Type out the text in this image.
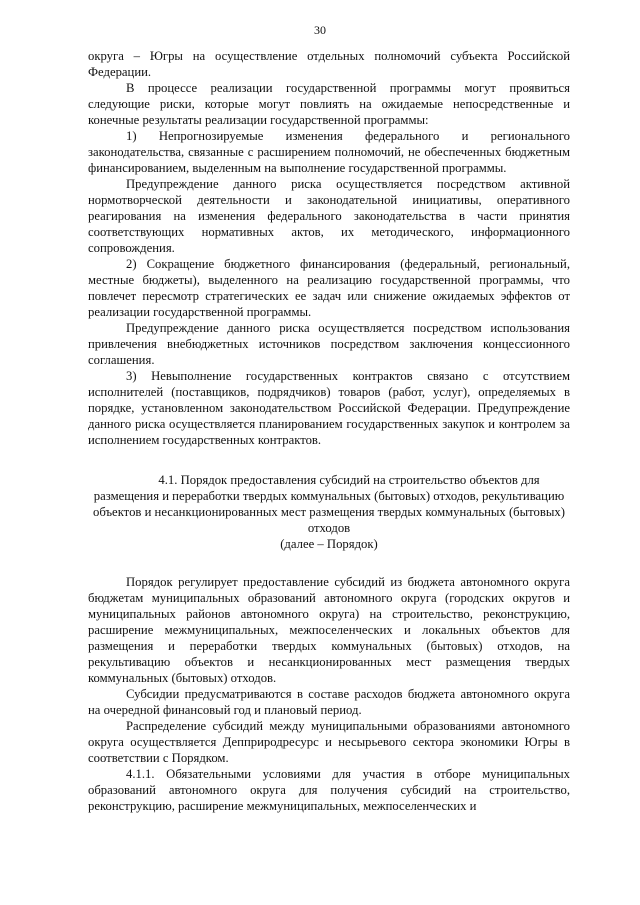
30

округа – Югры на осуществление отдельных полномочий субъекта Российской Федерации.

В процессе реализации государственной программы могут проявиться следующие риски, которые могут повлиять на ожидаемые непосредственные и конечные результаты реализации государственной программы:

1) Непрогнозируемые изменения федерального и регионального законодательства, связанные с расширением полномочий, не обеспеченных бюджетным финансированием, выделенным на выполнение государственной программы.

Предупреждение данного риска осуществляется посредством активной нормотворческой деятельности и законодательной инициативы, оперативного реагирования на изменения федерального законодательства в части принятия соответствующих нормативных актов, их методического, информационного сопровождения.

2) Сокращение бюджетного финансирования (федеральный, региональный, местные бюджеты), выделенного на реализацию государственной программы, что повлечет пересмотр стратегических ее задач или снижение ожидаемых эффектов от реализации государственной программы.

Предупреждение данного риска осуществляется посредством использования привлечения внебюджетных источников посредством заключения концессионного соглашения.

3) Невыполнение государственных контрактов связано с отсутствием исполнителей (поставщиков, подрядчиков) товаров (работ, услуг), определяемых в порядке, установленном законодательством Российской Федерации. Предупреждение данного риска осуществляется планированием государственных закупок и контролем за исполнением государственных контрактов.

4.1. Порядок предоставления субсидий на строительство объектов для размещения и переработки твердых коммунальных (бытовых) отходов, рекультивацию объектов и несанкционированных мест размещения твердых коммунальных (бытовых) отходов
(далее – Порядок)

Порядок регулирует предоставление субсидий из бюджета автономного округа бюджетам муниципальных образований автономного округа (городских округов и муниципальных районов автономного округа) на строительство, реконструкцию, расширение межмуниципальных, межпоселенческих и локальных объектов для размещения и переработки твердых коммунальных (бытовых) отходов, на рекультивацию объектов и несанкционированных мест размещения твердых коммунальных (бытовых) отходов.

Субсидии предусматриваются в составе расходов бюджета автономного округа на очередной финансовый год и плановый период.

Распределение субсидий между муниципальными образованиями автономного округа осуществляется Депприродресурс и несырьевого сектора экономики Югры в соответствии с Порядком.

4.1.1. Обязательными условиями для участия в отборе муниципальных образований автономного округа для получения субсидий на строительство, реконструкцию, расширение межмуниципальных, межпоселенческих и
